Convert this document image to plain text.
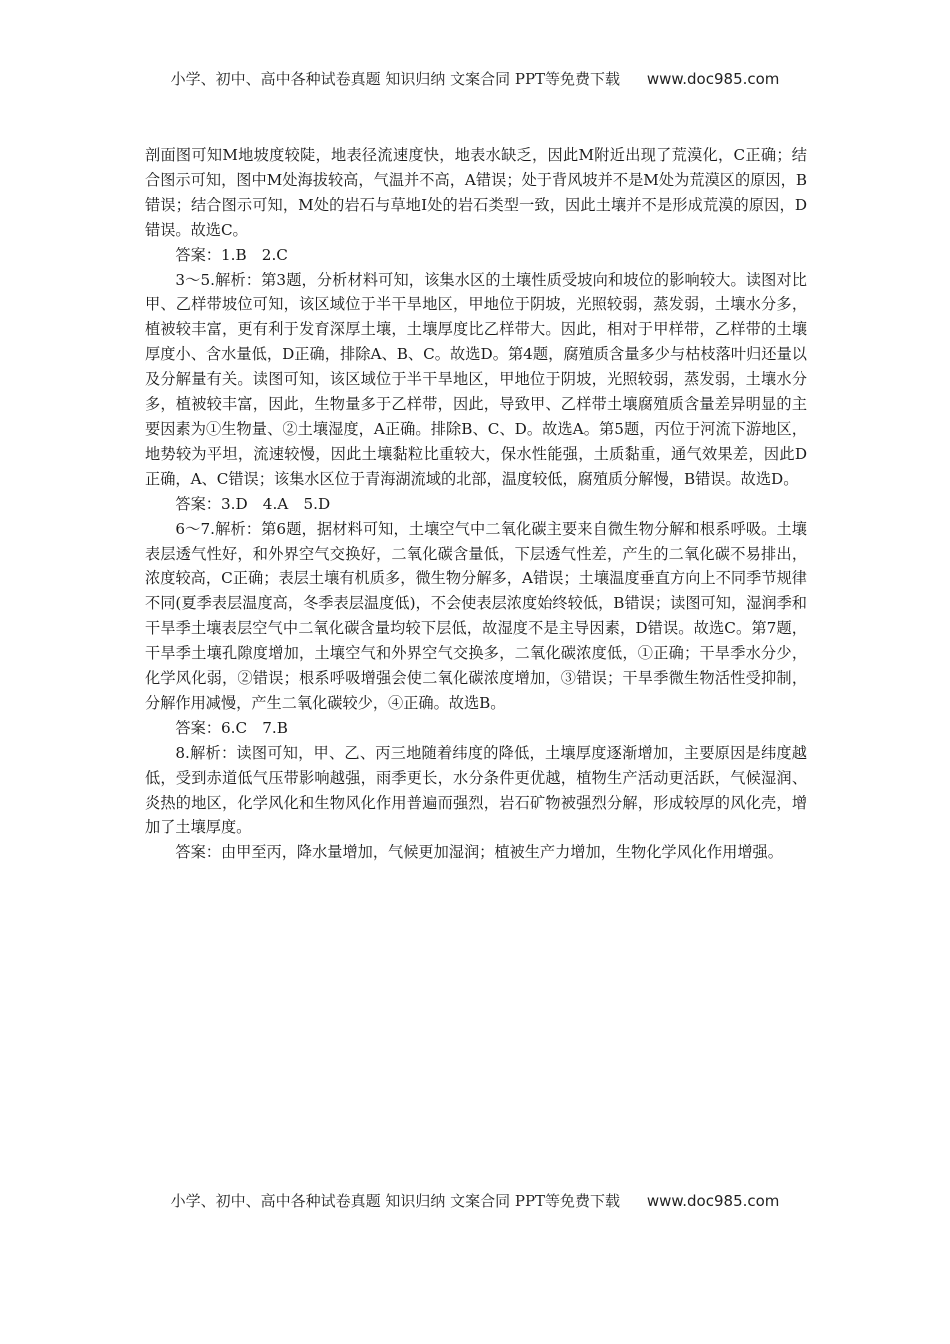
小学、初中、高中各种试卷真题 知识归纳 文案合同 PPT等免费下载 www.doc985.com

剖面图可知M地坡度较陡，地表径流速度快，地表水缺乏，因此M附近出现了荒漠化，C正确；结合图示可知，图中M处海拔较高，气温并不高，A错误；处于背风坡并不是M处为荒漠区的原因，B错误；结合图示可知，M处的岩石与草地Ⅰ处的岩石类型一致，因此土壤并不是形成荒漠的原因，D错误。故选C。

答案：1.B　2.C

3～5.解析：第3题，分析材料可知，该集水区的土壤性质受坡向和坡位的影响较大。读图对比甲、乙样带坡位可知，该区域位于半干旱地区，甲地位于阴坡，光照较弱，蒸发弱，土壤水分多，植被较丰富，更有利于发育深厚土壤，土壤厚度比乙样带大。因此，相对于甲样带，乙样带的土壤厚度小、含水量低，D正确，排除A、B、C。故选D。第4题，腐殖质含量多少与枯枝落叶归还量以及分解量有关。读图可知，该区域位于半干旱地区，甲地位于阴坡，光照较弱，蒸发弱，土壤水分多，植被较丰富，因此，生物量多于乙样带，因此，导致甲、乙样带土壤腐殖质含量差异明显的主要因素为①生物量、②土壤湿度，A正确。排除B、C、D。故选A。第5题，丙位于河流下游地区，地势较为平坦，流速较慢，因此土壤黏粒比重较大，保水性能强，土质黏重，通气效果差，因此D正确，A、C错误；该集水区位于青海湖流域的北部，温度较低，腐殖质分解慢，B错误。故选D。

答案：3.D　4.A　5.D

6～7.解析：第6题，据材料可知，土壤空气中二氧化碳主要来自微生物分解和根系呼吸。土壤表层透气性好，和外界空气交换好，二氧化碳含量低，下层透气性差，产生的二氧化碳不易排出，浓度较高，C正确；表层土壤有机质多，微生物分解多，A错误；土壤温度垂直方向上不同季节规律不同(夏季表层温度高，冬季表层温度低)，不会使表层浓度始终较低，B错误；读图可知，湿润季和干旱季土壤表层空气中二氧化碳含量均较下层低，故湿度不是主导因素，D错误。故选C。第7题，干旱季土壤孔隙度增加，土壤空气和外界空气交换多，二氧化碳浓度低，①正确；干旱季水分少，化学风化弱，②错误；根系呼吸增强会使二氧化碳浓度增加，③错误；干旱季微生物活性受抑制，分解作用减慢，产生二氧化碳较少，④正确。故选B。

答案：6.C　7.B

8.解析：读图可知，甲、乙、丙三地随着纬度的降低，土壤厚度逐渐增加，主要原因是纬度越低，受到赤道低气压带影响越强，雨季更长，水分条件更优越，植物生产活动更活跃，气候湿润、炎热的地区，化学风化和生物风化作用普遍而强烈，岩石矿物被强烈分解，形成较厚的风化壳，增加了土壤厚度。

答案：由甲至丙，降水量增加，气候更加湿润；植被生产力增加，生物化学风化作用增强。

小学、初中、高中各种试卷真题 知识归纳 文案合同 PPT等免费下载 www.doc985.com
